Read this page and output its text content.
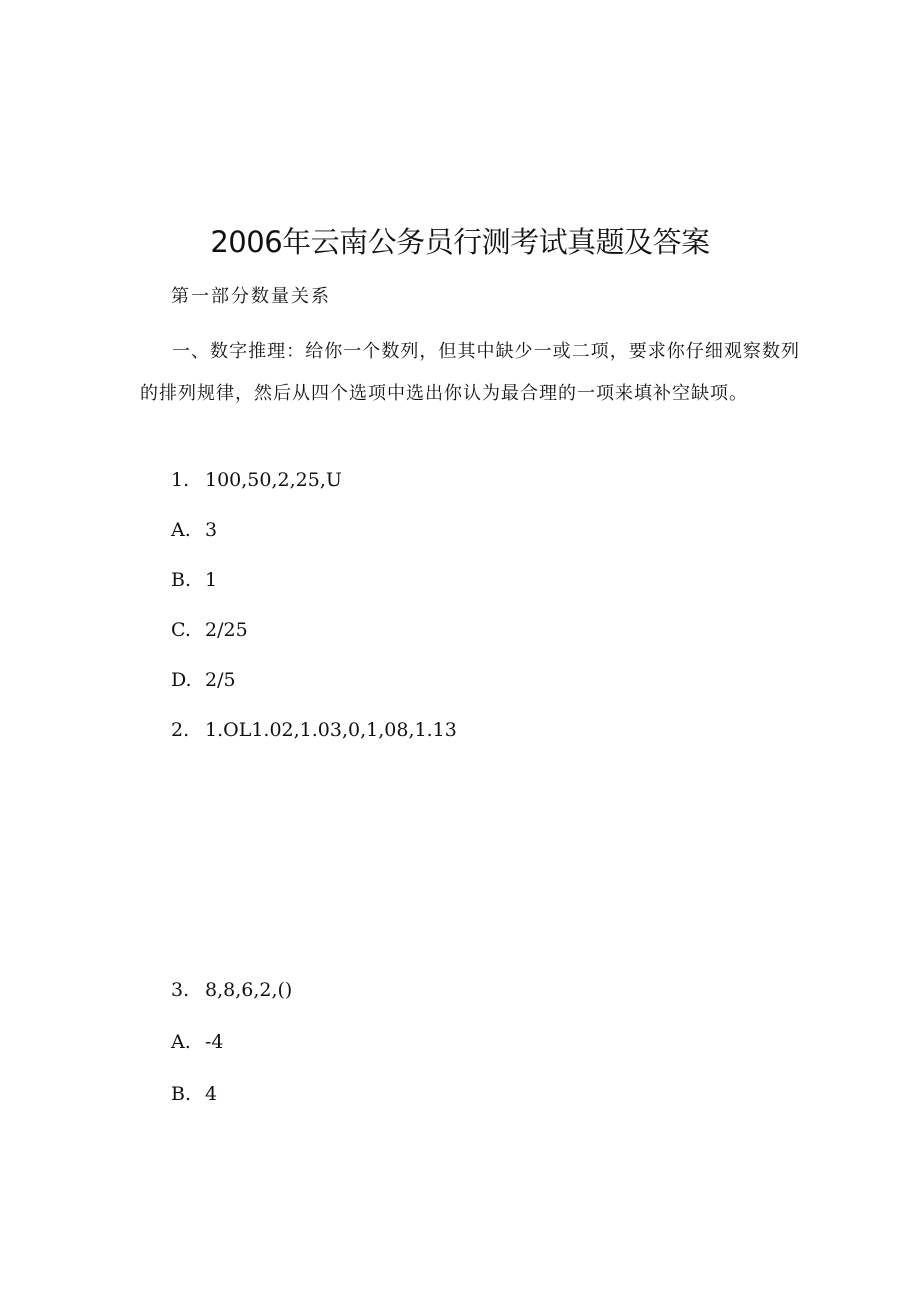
2006年云南公务员行测考试真题及答案
第一部分数量关系

一、数字推理：给你一个数列，但其中缺少一或二项，要求你仔细观察数列的排列规律，然后从四个选项中选出你认为最合理的一项来填补空缺项。

1. 100,50,2,25,U
A. 3
B. 1
C. 2/25
D. 2/5
2. 1.OL1.02,1.03,0,1,08,1.13
3. 8,8,6,2,()
A. -4
B. 4
